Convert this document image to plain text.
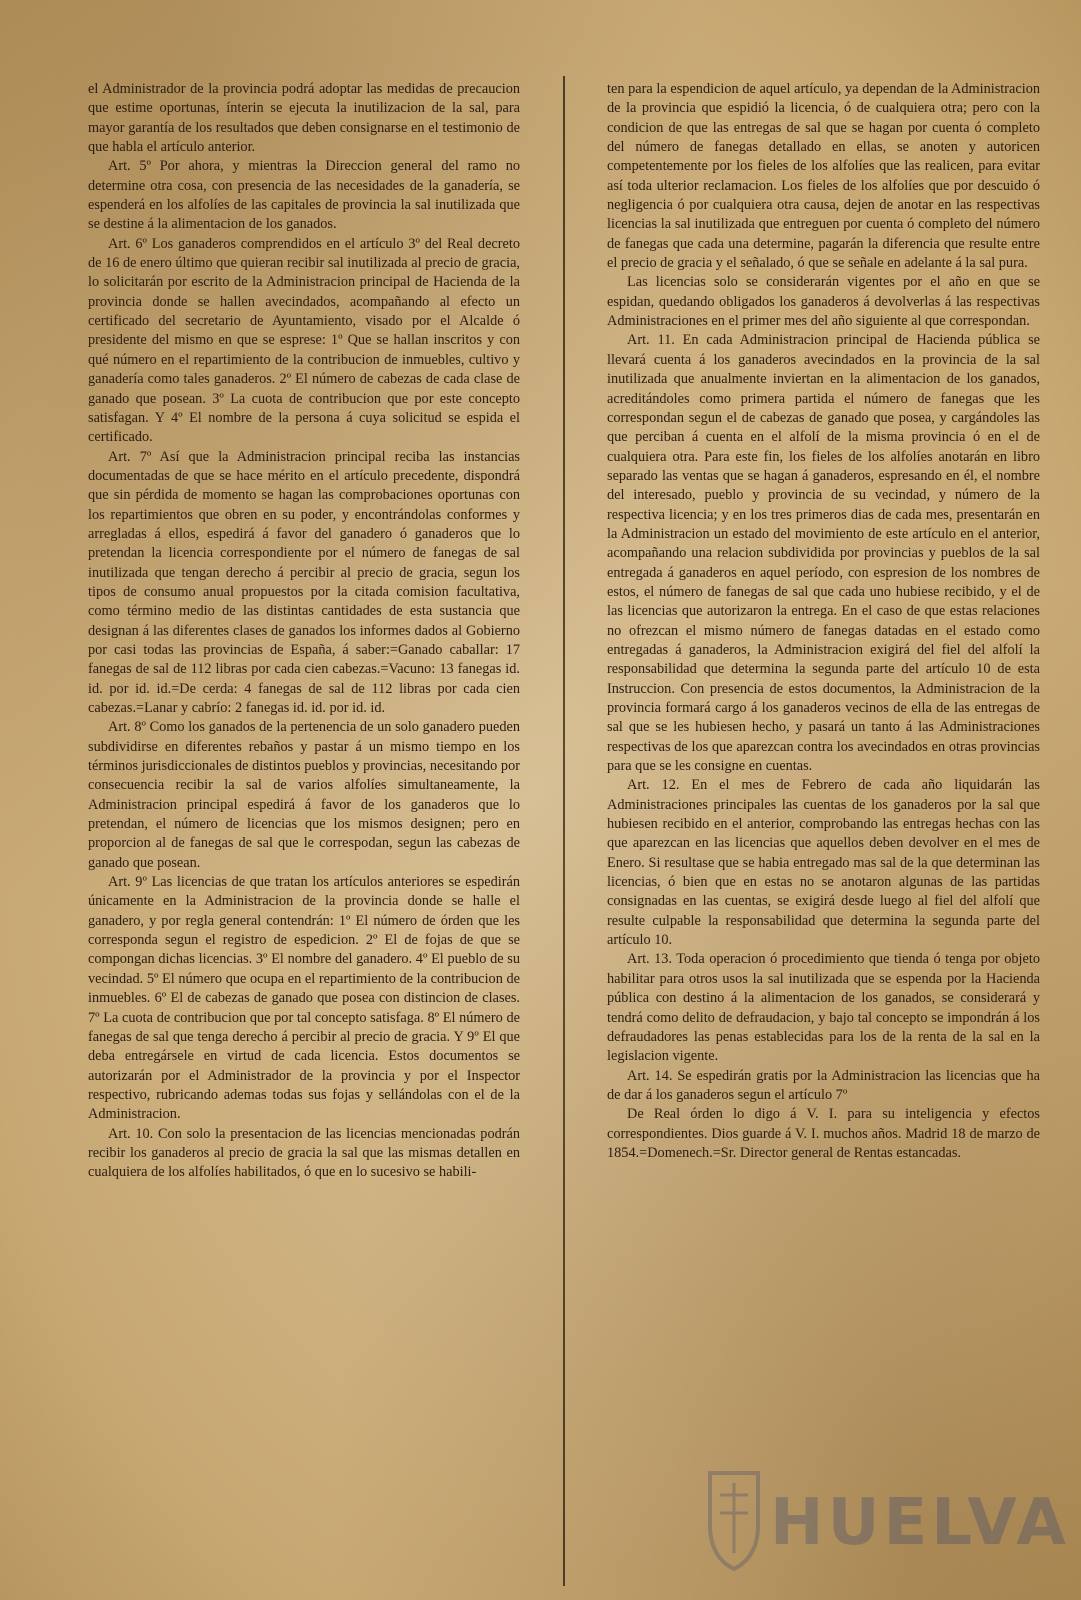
el Administrador de la provincia podrá adoptar las medidas de precaucion que estime oportunas, ínterin se ejecuta la inutilizacion de la sal, para mayor garantía de los resultados que deben consignarse en el testimonio de que habla el artículo anterior.

Art. 5º Por ahora, y mientras la Direccion general del ramo no determine otra cosa, con presencia de las necesidades de la ganadería, se espenderá en los alfolíes de las capitales de provincia la sal inutilizada que se destine á la alimentacion de los ganados.

Art. 6º Los ganaderos comprendidos en el artículo 3º del Real decreto de 16 de enero último que quieran recibir sal inutilizada al precio de gracia, lo solicitarán por escrito de la Administracion principal de Hacienda de la provincia donde se hallen avecindados, acompañando al efecto un certificado del secretario de Ayuntamiento, visado por el Alcalde ó presidente del mismo en que se esprese: 1º Que se hallan inscritos y con qué número en el repartimiento de la contribucion de inmuebles, cultivo y ganadería como tales ganaderos. 2º El número de cabezas de cada clase de ganado que posean. 3º La cuota de contribucion que por este concepto satisfagan. Y 4º El nombre de la persona á cuya solicitud se espida el certificado.

Art. 7º Así que la Administracion principal reciba las instancias documentadas de que se hace mérito en el artículo precedente, dispondrá que sin pérdida de momento se hagan las comprobaciones oportunas con los repartimientos que obren en su poder, y encontrándolas conformes y arregladas á ellos, espedirá á favor del ganadero ó ganaderos que lo pretendan la licencia correspondiente por el número de fanegas de sal inutilizada que tengan derecho á percibir al precio de gracia, segun los tipos de consumo anual propuestos por la citada comision facultativa, como término medio de las distintas cantidades de esta sustancia que designan á las diferentes clases de ganados los informes dados al Gobierno por casi todas las provincias de España, á saber:=Ganado caballar: 17 fanegas de sal de 112 libras por cada cien cabezas.=Vacuno: 13 fanegas id. id. por id. id.=De cerda: 4 fanegas de sal de 112 libras por cada cien cabezas.=Lanar y cabrío: 2 fanegas id. id. por id. id.

Art. 8º Como los ganados de la pertenencia de un solo ganadero pueden subdividirse en diferentes rebaños y pastar á un mismo tiempo en los términos jurisdiccionales de distintos pueblos y provincias, necesitando por consecuencia recibir la sal de varios alfolíes simultaneamente, la Administracion principal espedirá á favor de los ganaderos que lo pretendan, el número de licencias que los mismos designen; pero en proporcion al de fanegas de sal que le correspodan, segun las cabezas de ganado que posean.

Art. 9º Las licencias de que tratan los artículos anteriores se espedirán únicamente en la Administracion de la provincia donde se halle el ganadero, y por regla general contendrán: 1º El número de órden que les corresponda segun el registro de espedicion. 2º El de fojas de que se compongan dichas licencias. 3º El nombre del ganadero. 4º El pueblo de su vecindad. 5º El número que ocupa en el repartimiento de la contribucion de inmuebles. 6º El de cabezas de ganado que posea con distincion de clases. 7º La cuota de contribucion que por tal concepto satisfaga. 8º El número de fanegas de sal que tenga derecho á percibir al precio de gracia. Y 9º El que deba entregársele en virtud de cada licencia. Estos documentos se autorizarán por el Administrador de la provincia y por el Inspector respectivo, rubricando ademas todas sus fojas y sellándolas con el de la Administracion.

Art. 10. Con solo la presentacion de las licencias mencionadas podrán recibir los ganaderos al precio de gracia la sal que las mismas detallen en cualquiera de los alfolíes habilitados, ó que en lo sucesivo se habili-

ten para la espendicion de aquel artículo, ya dependan de la Administracion de la provincia que espidió la licencia, ó de cualquiera otra; pero con la condicion de que las entregas de sal que se hagan por cuenta ó completo del número de fanegas detallado en ellas, se anoten y autoricen competentemente por los fieles de los alfolíes que las realicen, para evitar así toda ulterior reclamacion. Los fieles de los alfolíes que por descuido ó negligencia ó por cualquiera otra causa, dejen de anotar en las respectivas licencias la sal inutilizada que entreguen por cuenta ó completo del número de fanegas que cada una determine, pagarán la diferencia que resulte entre el precio de gracia y el señalado, ó que se señale en adelante á la sal pura.

Las licencias solo se considerarán vigentes por el año en que se espidan, quedando obligados los ganaderos á devolverlas á las respectivas Administraciones en el primer mes del año siguiente al que correspondan.

Art. 11. En cada Administracion principal de Hacienda pública se llevará cuenta á los ganaderos avecindados en la provincia de la sal inutilizada que anualmente inviertan en la alimentacion de los ganados, acreditándoles como primera partida el número de fanegas que les correspondan segun el de cabezas de ganado que posea, y cargándoles las que perciban á cuenta en el alfolí de la misma provincia ó en el de cualquiera otra. Para este fin, los fieles de los alfolíes anotarán en libro separado las ventas que se hagan á ganaderos, espresando en él, el nombre del interesado, pueblo y provincia de su vecindad, y número de la respectiva licencia; y en los tres primeros dias de cada mes, presentarán en la Administracion un estado del movimiento de este artículo en el anterior, acompañando una relacion subdividida por provincias y pueblos de la sal entregada á ganaderos en aquel período, con espresion de los nombres de estos, el número de fanegas de sal que cada uno hubiese recibido, y el de las licencias que autorizaron la entrega. En el caso de que estas relaciones no ofrezcan el mismo número de fanegas datadas en el estado como entregadas á ganaderos, la Administracion exigirá del fiel del alfolí la responsabilidad que determina la segunda parte del artículo 10 de esta Instruccion. Con presencia de estos documentos, la Administracion de la provincia formará cargo á los ganaderos vecinos de ella de las entregas de sal que se les hubiesen hecho, y pasará un tanto á las Administraciones respectivas de los que aparezcan contra los avecindados en otras provincias para que se les consigne en cuentas.

Art. 12. En el mes de Febrero de cada año liquidarán las Administraciones principales las cuentas de los ganaderos por la sal que hubiesen recibido en el anterior, comprobando las entregas hechas con las que aparezcan en las licencias que aquellos deben devolver en el mes de Enero. Si resultase que se habia entregado mas sal de la que determinan las licencias, ó bien que en estas no se anotaron algunas de las partidas consignadas en las cuentas, se exigirá desde luego al fiel del alfolí que resulte culpable la responsabilidad que determina la segunda parte del artículo 10.

Art. 13. Toda operacion ó procedimiento que tienda ó tenga por objeto habilitar para otros usos la sal inutilizada que se espenda por la Hacienda pública con destino á la alimentacion de los ganados, se considerará y tendrá como delito de defraudacion, y bajo tal concepto se impondrán á los defraudadores las penas establecidas para los de la renta de la sal en la legislacion vigente.

Art. 14. Se espedirán gratis por la Administracion las licencias que ha de dar á los ganaderos segun el artículo 7º

De Real órden lo digo á V. I. para su inteligencia y efectos correspondientes. Dios guarde á V. I. muchos años. Madrid 18 de marzo de 1854.=Domenech.=Sr. Director general de Rentas estancadas.

HUELVA
